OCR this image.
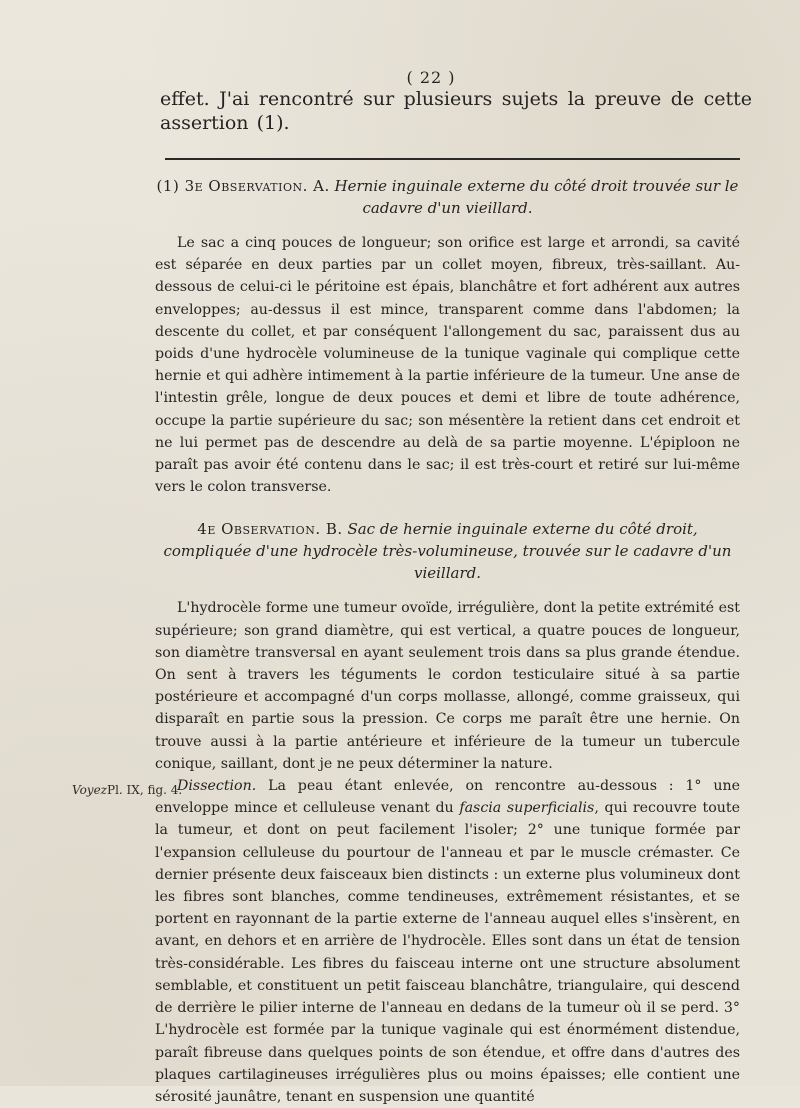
( 22 )
effet. J'ai rencontré sur plusieurs sujets la preuve de cette assertion (1).

(1) 3e Observation. A. Hernie inguinale externe du côté droit trouvée sur le cadavre d'un vieillard.

Le sac a cinq pouces de longueur; son orifice est large et arrondi, sa cavité est séparée en deux parties par un collet moyen, fibreux, très-saillant. Au-dessous de celui-ci le péritoine est épais, blanchâtre et fort adhérent aux autres enveloppes; au-dessus il est mince, transparent comme dans l'abdomen; la descente du collet, et par conséquent l'allongement du sac, paraissent dus au poids d'une hydrocèle volumineuse de la tunique vaginale qui complique cette hernie et qui adhère intimement à la partie inférieure de la tumeur. Une anse de l'intestin grêle, longue de deux pouces et demi et libre de toute adhérence, occupe la partie supérieure du sac; son mésentère la retient dans cet endroit et ne lui permet pas de descendre au delà de sa partie moyenne. L'épiploon ne paraît pas avoir été contenu dans le sac; il est très-court et retiré sur lui-même vers le colon transverse.

4e Observation. B. Sac de hernie inguinale externe du côté droit, compliquée d'une hydrocèle très-volumineuse, trouvée sur le cadavre d'un vieillard.

L'hydrocèle forme une tumeur ovoïde, irrégulière, dont la petite extrémité est supérieure; son grand diamètre, qui est vertical, a quatre pouces de longueur, son diamètre transversal en ayant seulement trois dans sa plus grande étendue. On sent à travers les téguments le cordon testiculaire situé à sa partie postérieure et accompagné d'un corps mollasse, allongé, comme graisseux, qui disparaît en partie sous la pression. Ce corps me paraît être une hernie. On trouve aussi à la partie antérieure et inférieure de la tumeur un tubercule conique, saillant, dont je ne peux déterminer la nature.

Dissection. La peau étant enlevée, on rencontre au-dessous : 1° une enveloppe mince et celluleuse venant du fascia superficialis, qui recouvre toute la tumeur, et dont on peut facilement l'isoler; 2° une tunique formée par l'expansion celluleuse du pourtour de l'anneau et par le muscle crémaster. Ce dernier présente deux faisceaux bien distincts : un externe plus volumineux dont les fibres sont blanches, comme tendineuses, extrêmement résistantes, et se portent en rayonnant de la partie externe de l'anneau auquel elles s'insèrent, en avant, en dehors et en arrière de l'hydrocèle. Elles sont dans un état de tension très-considérable. Les fibres du faisceau interne ont une structure absolument semblable, et constituent un petit faisceau blanchâtre, triangulaire, qui descend de derrière le pilier interne de l'anneau en dedans de la tumeur où il se perd. 3° L'hydrocèle est formée par la tunique vaginale qui est énormément distendue, paraît fibreuse dans quelques points de son étendue, et offre dans d'autres des plaques cartilagineuses irrégulières plus ou moins épaisses; elle contient une sérosité jaunâtre, tenant en suspension une quantité

VoyezPl. IX, fig. 4.
